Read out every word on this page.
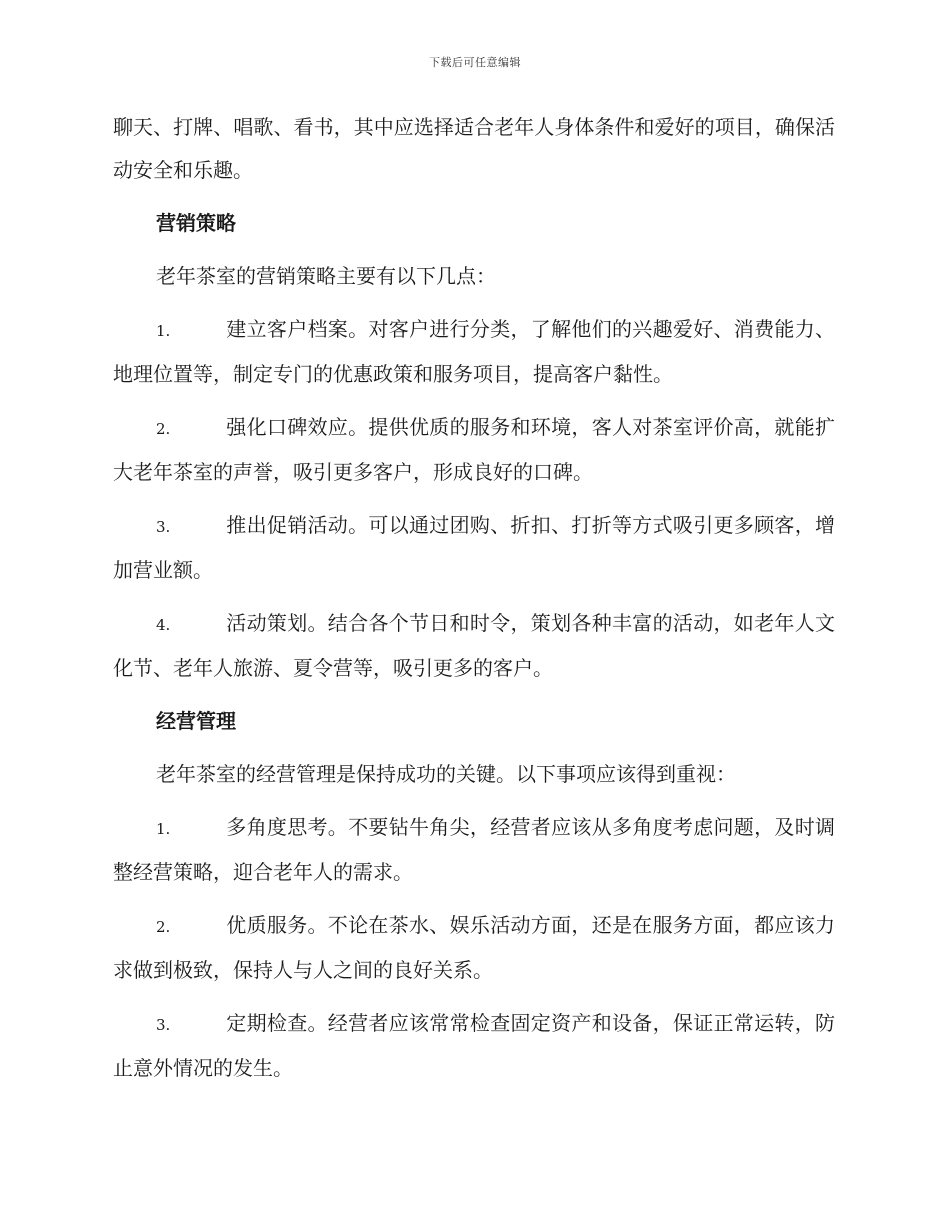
下载后可任意编辑

聊天、打牌、唱歌、看书，其中应选择适合老年人身体条件和爱好的项目，确保活动安全和乐趣。

营销策略

老年茶室的营销策略主要有以下几点：

1.	建立客户档案。对客户进行分类，了解他们的兴趣爱好、消费能力、地理位置等，制定专门的优惠政策和服务项目，提高客户黏性。

2.	强化口碑效应。提供优质的服务和环境，客人对茶室评价高，就能扩大老年茶室的声誉，吸引更多客户，形成良好的口碑。

3.	推出促销活动。可以通过团购、折扣、打折等方式吸引更多顾客，增加营业额。

4.	活动策划。结合各个节日和时令，策划各种丰富的活动，如老年人文化节、老年人旅游、夏令营等，吸引更多的客户。

经营管理

老年茶室的经营管理是保持成功的关键。以下事项应该得到重视：

1.	多角度思考。不要钻牛角尖，经营者应该从多角度考虑问题，及时调整经营策略，迎合老年人的需求。

2.	优质服务。不论在茶水、娱乐活动方面，还是在服务方面，都应该力求做到极致，保持人与人之间的良好关系。

3.	定期检查。经营者应该常常检查固定资产和设备，保证正常运转，防止意外情况的发生。
